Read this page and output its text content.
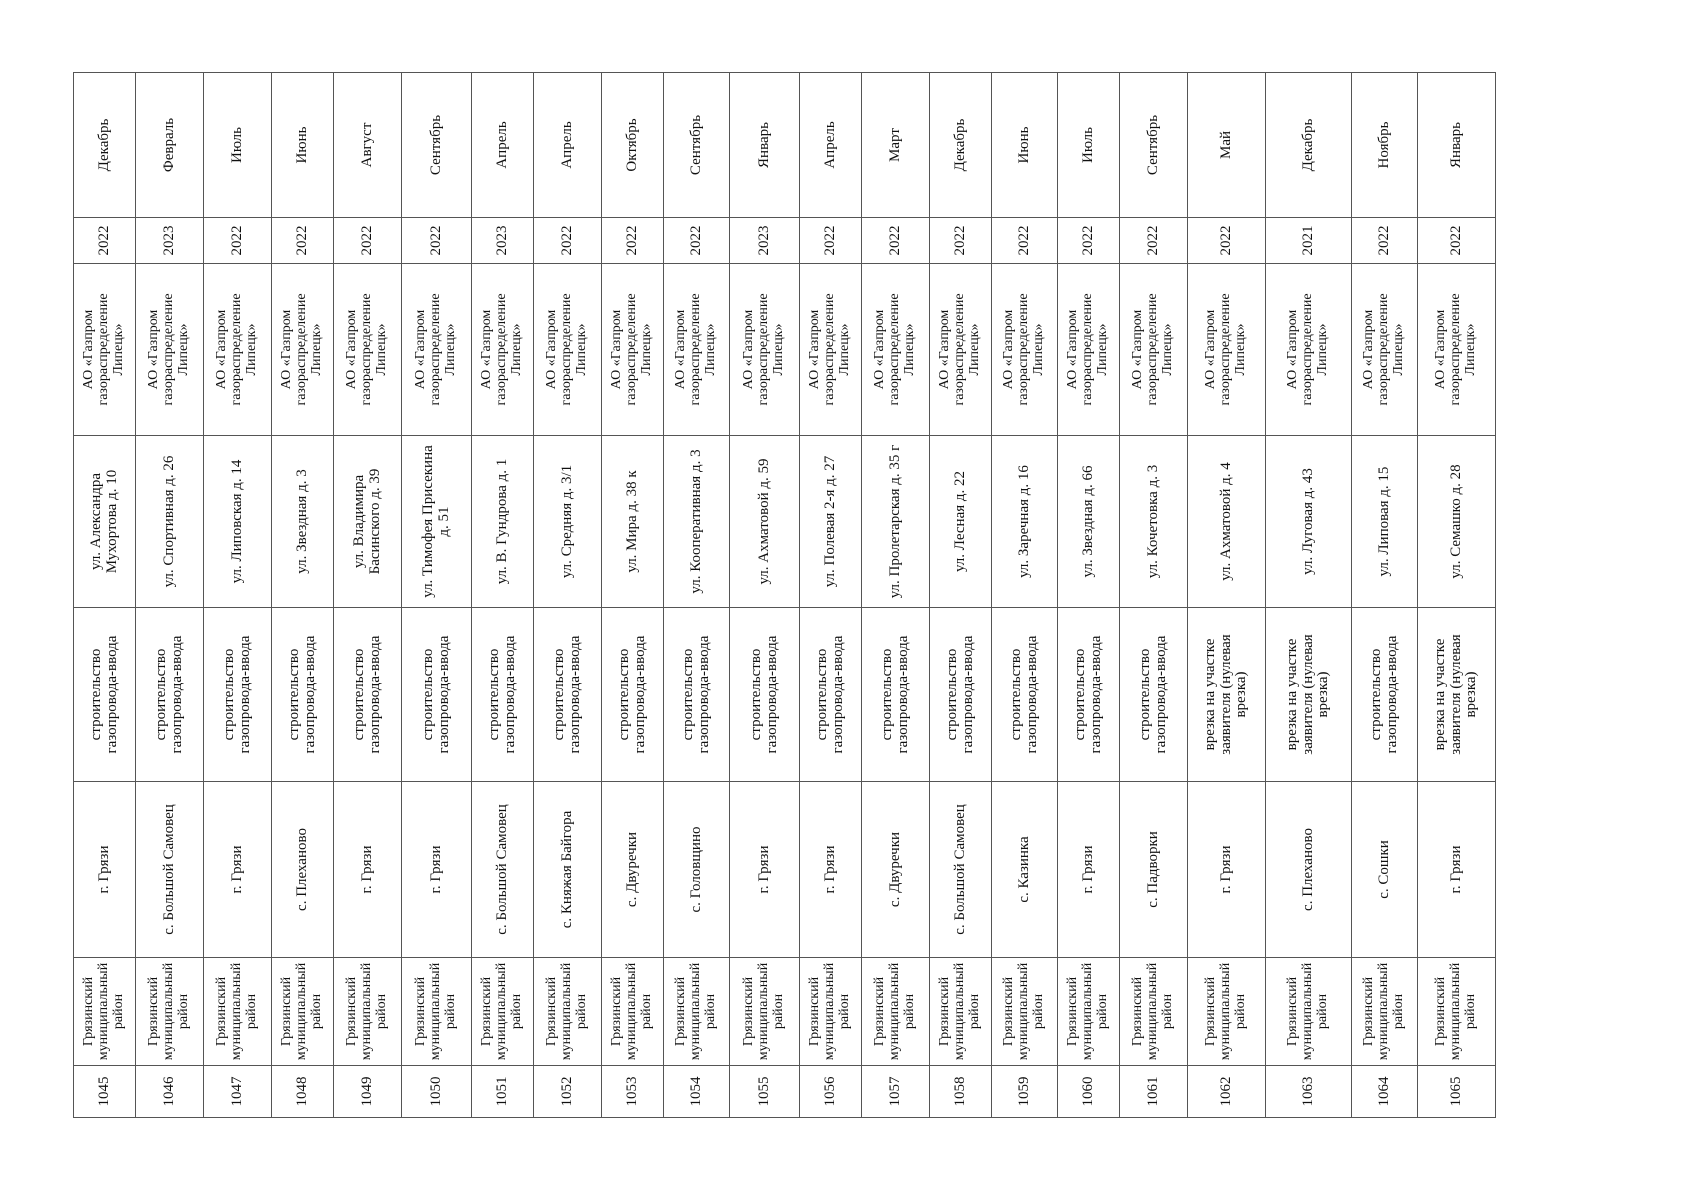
1045	Грязинский муниципальный район	г. Грязи	строительство газопровода-ввода	ул. Александра Мухортова д. 10	АО «Газпром газораспределение Липецк»	2022	Декабрь
1046	Грязинский муниципальный район	с. Большой Самовец	строительство газопровода-ввода	ул. Спортивная д. 26	АО «Газпром газораспределение Липецк»	2023	Февраль
1047	Грязинский муниципальный район	г. Грязи	строительство газопровода-ввода	ул. Липовская д. 14	АО «Газпром газораспределение Липецк»	2022	Июль
1048	Грязинский муниципальный район	с. Плеханово	строительство газопровода-ввода	ул. Звездная д. 3	АО «Газпром газораспределение Липецк»	2022	Июнь
1049	Грязинский муниципальный район	г. Грязи	строительство газопровода-ввода	ул. Владимира Басинского д. 39	АО «Газпром газораспределение Липецк»	2022	Август
1050	Грязинский муниципальный район	г. Грязи	строительство газопровода-ввода	ул. Тимофея Присекина д. 51	АО «Газпром газораспределение Липецк»	2022	Сентябрь
1051	Грязинский муниципальный район	с. Большой Самовец	строительство газопровода-ввода	ул. В. Гундрова д. 1	АО «Газпром газораспределение Липецк»	2023	Апрель
1052	Грязинский муниципальный район	с. Княжая Байгора	строительство газопровода-ввода	ул. Средняя д. 3/1	АО «Газпром газораспределение Липецк»	2022	Апрель
1053	Грязинский муниципальный район	с. Двуречки	строительство газопровода-ввода	ул. Мира д. 38 к	АО «Газпром газораспределение Липецк»	2022	Октябрь
1054	Грязинский муниципальный район	с. Головщино	строительство газопровода-ввода	ул. Кооперативная д. 3	АО «Газпром газораспределение Липецк»	2022	Сентябрь
1055	Грязинский муниципальный район	г. Грязи	строительство газопровода-ввода	ул. Ахматовой д. 59	АО «Газпром газораспределение Липецк»	2023	Январь
1056	Грязинский муниципальный район	г. Грязи	строительство газопровода-ввода	ул. Полевая 2-я д. 27	АО «Газпром газораспределение Липецк»	2022	Апрель
1057	Грязинский муниципальный район	с. Двуречки	строительство газопровода-ввода	ул. Пролетарская д. 35 г	АО «Газпром газораспределение Липецк»	2022	Март
1058	Грязинский муниципальный район	с. Большой Самовец	строительство газопровода-ввода	ул. Лесная д. 22	АО «Газпром газораспределение Липецк»	2022	Декабрь
1059	Грязинский муниципальный район	с. Казинка	строительство газопровода-ввода	ул. Заречная д. 16	АО «Газпром газораспределение Липецк»	2022	Июнь
1060	Грязинский муниципальный район	г. Грязи	строительство газопровода-ввода	ул. Звездная д. 66	АО «Газпром газораспределение Липецк»	2022	Июль
1061	Грязинский муниципальный район	с. Падворки	строительство газопровода-ввода	ул. Кочетовка д. 3	АО «Газпром газораспределение Липецк»	2022	Сентябрь
1062	Грязинский муниципальный район	г. Грязи	врезка на участке заявителя (нулевая врезка)	ул. Ахматовой д. 4	АО «Газпром газораспределение Липецк»	2022	Май
1063	Грязинский муниципальный район	с. Плеханово	врезка на участке заявителя (нулевая врезка)	ул. Луговая д. 43	АО «Газпром газораспределение Липецк»	2021	Декабрь
1064	Грязинский муниципальный район	с. Сошки	строительство газопровода-ввода	ул. Липовая д. 15	АО «Газпром газораспределение Липецк»	2022	Ноябрь
1065	Грязинский муниципальный район	г. Грязи	врезка на участке заявителя (нулевая врезка)	ул. Семашко д. 28	АО «Газпром газораспределение Липецк»	2022	Январь
